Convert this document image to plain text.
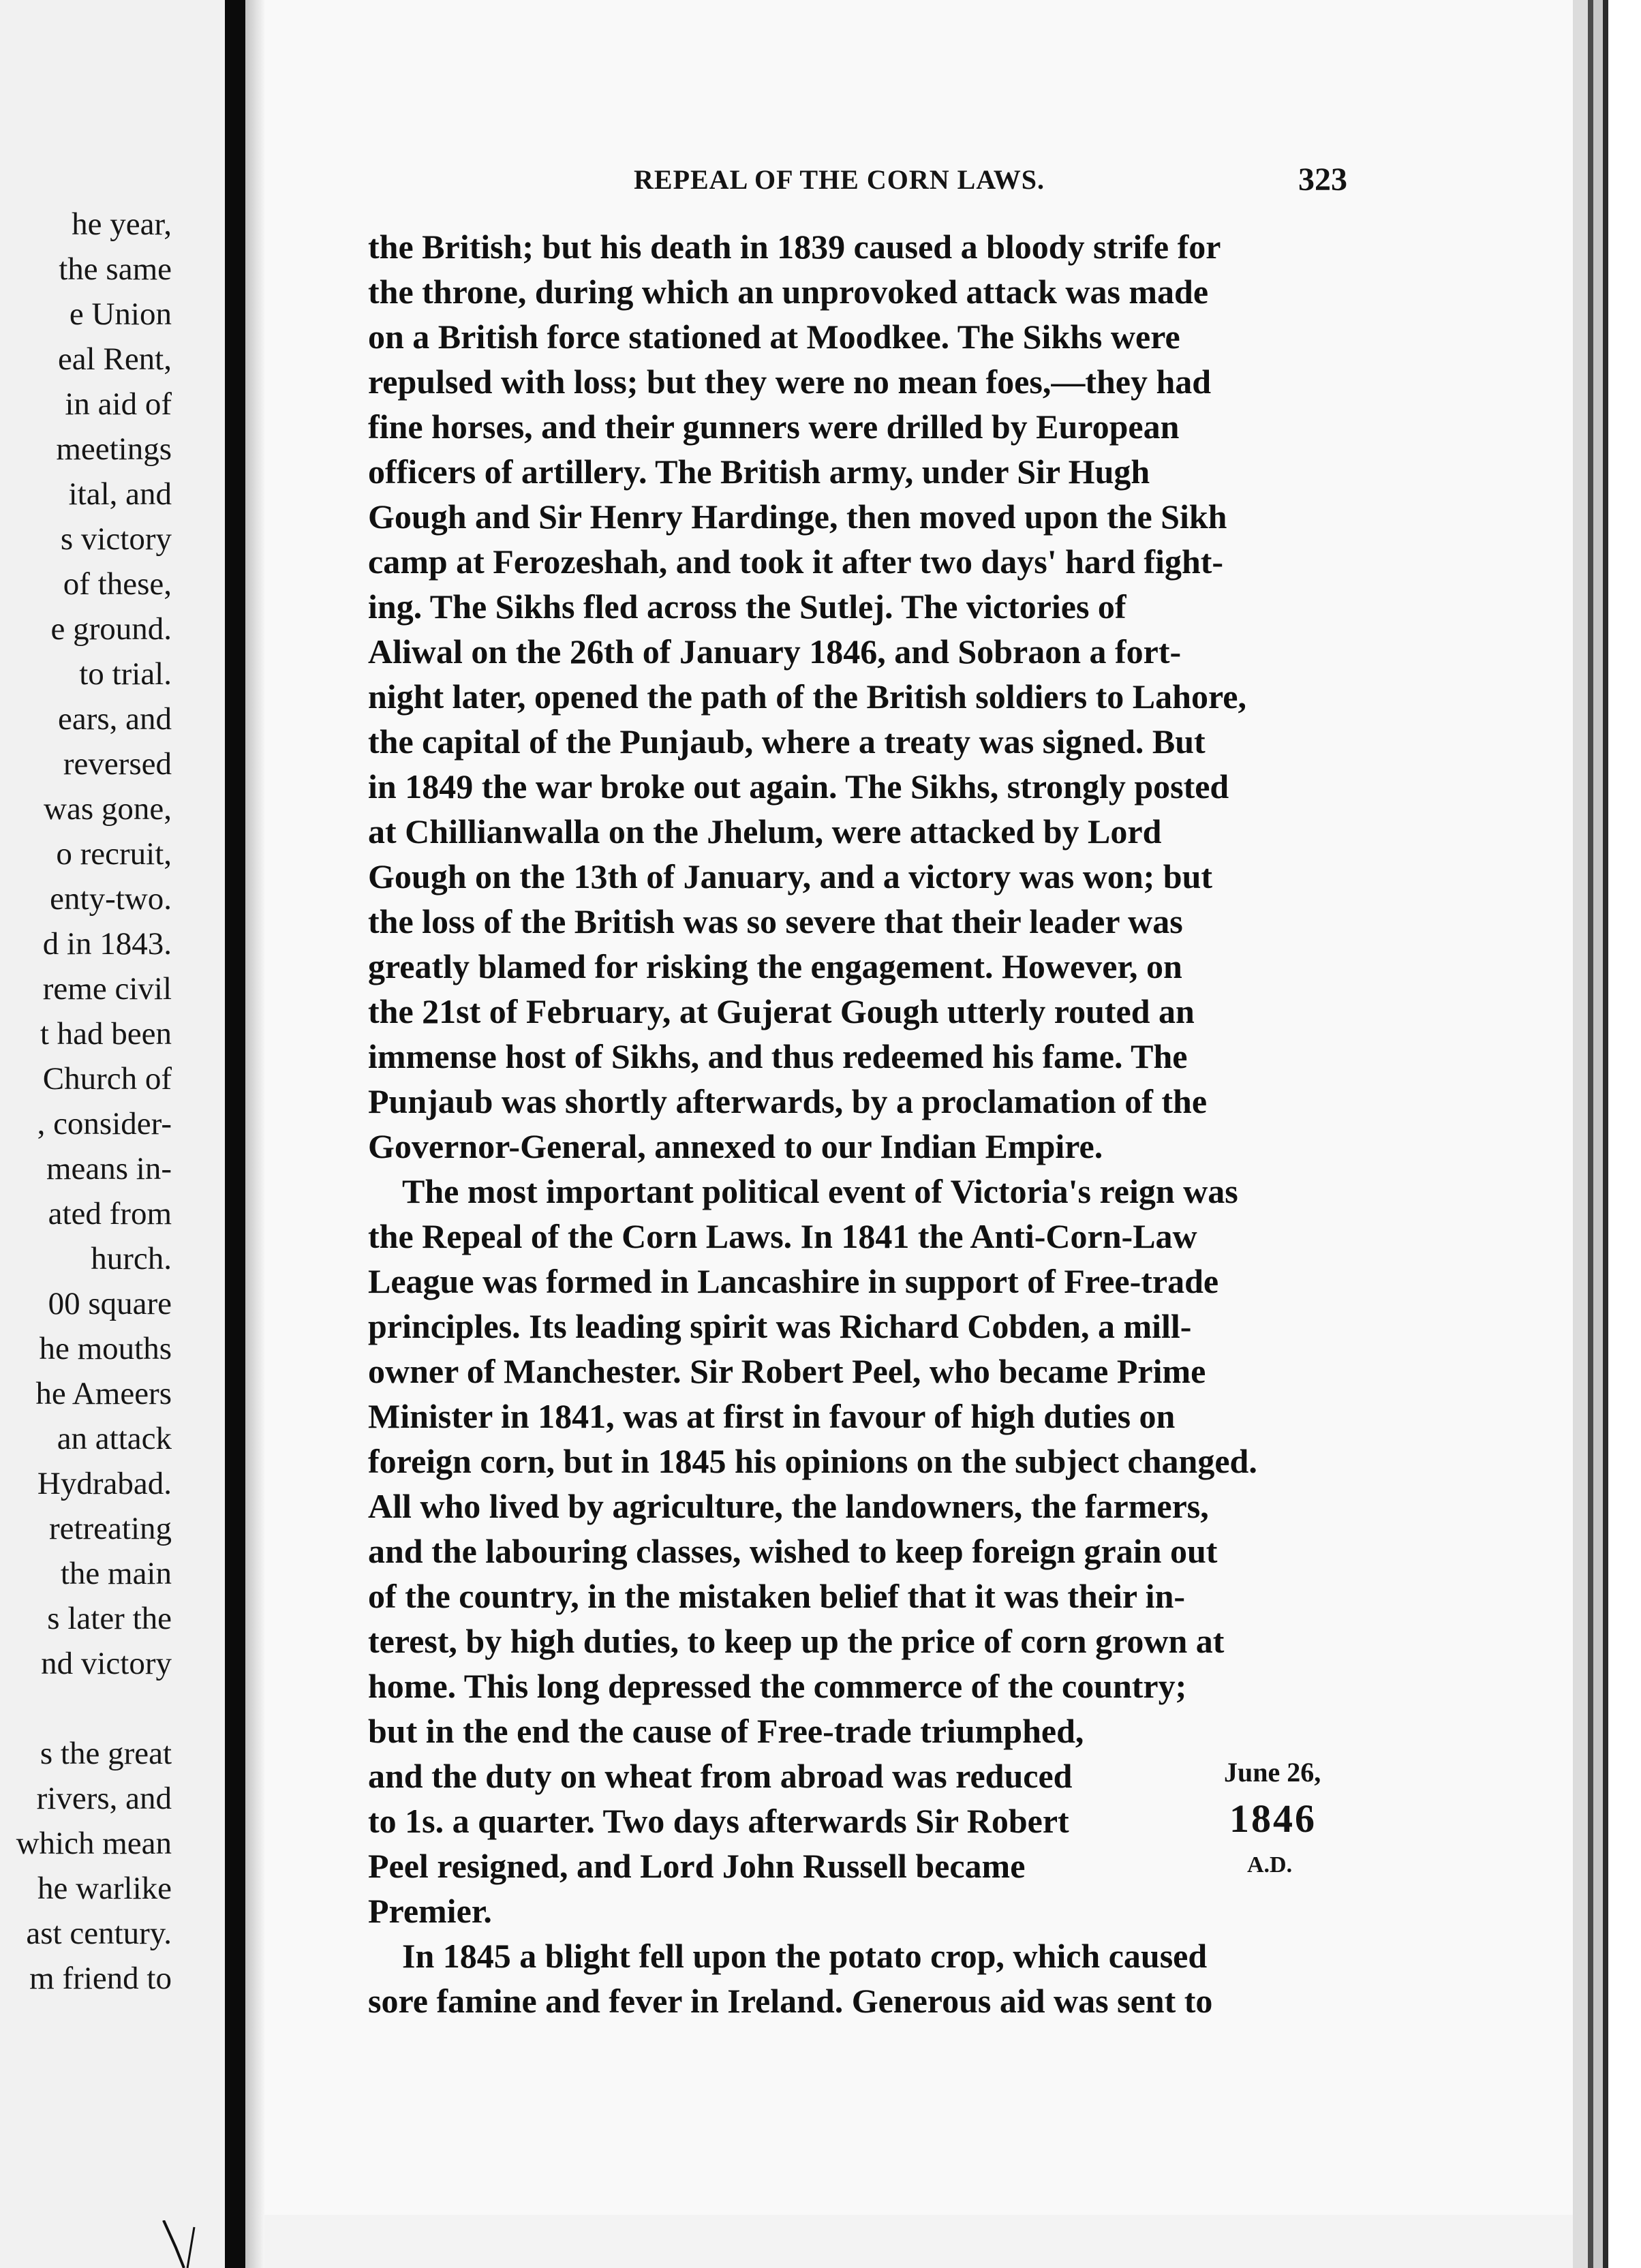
he year,
the same
e Union
eal Rent,
in aid of
meetings
ital, and
s victory
of these,
e ground.
to trial.
ears, and
reversed
was gone,
o recruit,
enty-two.
d in 1843.
reme civil
t had been
Church of
, consider-
means in-
ated from
hurch.
00 square
he mouths
he Ameers
an attack
Hydrabad.
retreating
the main
s later the
nd victory
s the great
rivers, and
which mean
he warlike
ast century.
m friend to
REPEAL OF THE CORN LAWS.	323
the British; but his death in 1839 caused a bloody strife for
the throne, during which an unprovoked attack was made
on a British force stationed at Moodkee. The Sikhs were
repulsed with loss; but they were no mean foes,—they had
fine horses, and their gunners were drilled by European
officers of artillery. The British army, under Sir Hugh
Gough and Sir Henry Hardinge, then moved upon the Sikh
camp at Ferozeshah, and took it after two days' hard fight-
ing. The Sikhs fled across the Sutlej. The victories of
Aliwal on the 26th of January 1846, and Sobraon a fort-
night later, opened the path of the British soldiers to Lahore,
the capital of the Punjaub, where a treaty was signed. But
in 1849 the war broke out again. The Sikhs, strongly posted
at Chillianwalla on the Jhelum, were attacked by Lord
Gough on the 13th of January, and a victory was won; but
the loss of the British was so severe that their leader was
greatly blamed for risking the engagement. However, on
the 21st of February, at Gujerat Gough utterly routed an
immense host of Sikhs, and thus redeemed his fame. The
Punjaub was shortly afterwards, by a proclamation of the
Governor-General, annexed to our Indian Empire.
The most important political event of Victoria's reign was
the Repeal of the Corn Laws. In 1841 the Anti-Corn-Law
League was formed in Lancashire in support of Free-trade
principles. Its leading spirit was Richard Cobden, a mill-
owner of Manchester. Sir Robert Peel, who became Prime
Minister in 1841, was at first in favour of high duties on
foreign corn, but in 1845 his opinions on the subject changed.
All who lived by agriculture, the landowners, the farmers,
and the labouring classes, wished to keep foreign grain out
of the country, in the mistaken belief that it was their in-
terest, by high duties, to keep up the price of corn grown at
home. This long depressed the commerce of the country;
but in the end the cause of Free-trade triumphed,
and the duty on wheat from abroad was reduced
to 1s. a quarter. Two days afterwards Sir Robert
Peel resigned, and Lord John Russell became
Premier.
In 1845 a blight fell upon the potato crop, which caused
sore famine and fever in Ireland. Generous aid was sent to
June 26,
1846
A.D.
